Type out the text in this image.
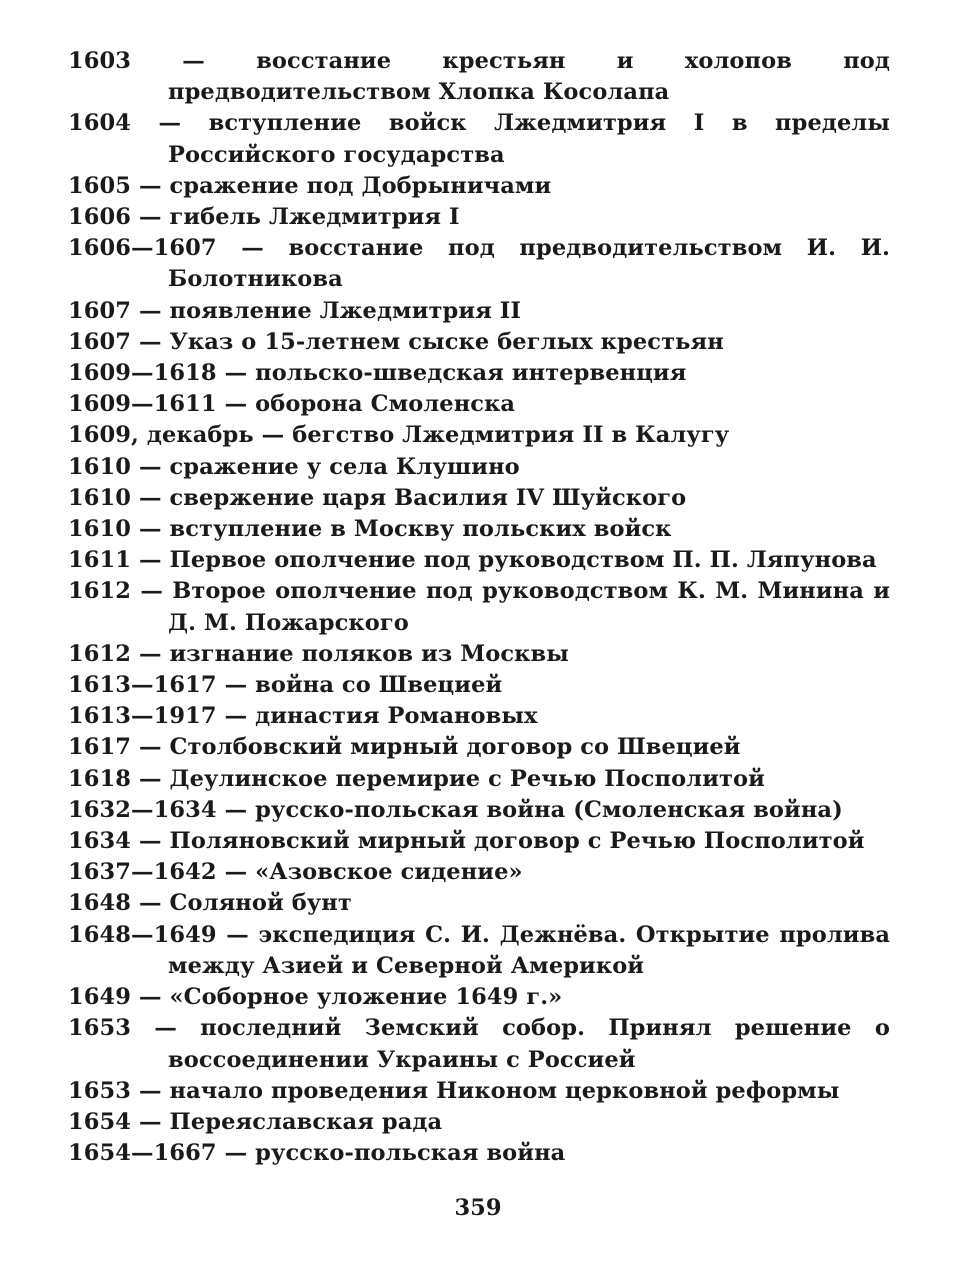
1603 — восстание крестьян и холопов под предводительством Хлопка Косолапа
1604 — вступление войск Лжедмитрия I в пределы Российского государства
1605 — сражение под Добрыничами
1606 — гибель Лжедмитрия I
1606—1607 — восстание под предводительством И. И. Болотникова
1607 — появление Лжедмитрия II
1607 — Указ о 15-летнем сыске беглых крестьян
1609—1618 — польско-шведская интервенция
1609—1611 — оборона Смоленска
1609, декабрь — бегство Лжедмитрия II в Калугу
1610 — сражение у села Клушино
1610 — свержение царя Василия IV Шуйского
1610 — вступление в Москву польских войск
1611 — Первое ополчение под руководством П. П. Ляпунова
1612 — Второе ополчение под руководством К. М. Минина и Д. М. Пожарского
1612 — изгнание поляков из Москвы
1613—1617 — война со Швецией
1613—1917 — династия Романовых
1617 — Столбовский мирный договор со Швецией
1618 — Деулинское перемирие с Речью Посполитой
1632—1634 — русско-польская война (Смоленская война)
1634 — Поляновский мирный договор с Речью Посполитой
1637—1642 — «Азовское сидение»
1648 — Соляной бунт
1648—1649 — экспедиция С. И. Дежнёва. Открытие пролива между Азией и Северной Америкой
1649 — «Соборное уложение 1649 г.»
1653 — последний Земский собор. Принял решение о воссоединении Украины с Россией
1653 — начало проведения Никоном церковной реформы
1654 — Переяславская рада
1654—1667 — русско-польская война
359
